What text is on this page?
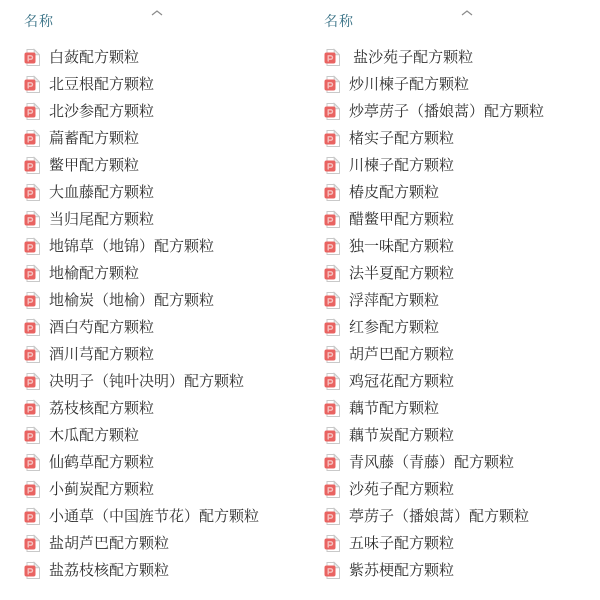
名称
白蔹配方颗粒
北豆根配方颗粒
北沙参配方颗粒
萹蓄配方颗粒
鳖甲配方颗粒
大血藤配方颗粒
当归尾配方颗粒
地锦草（地锦）配方颗粒
地榆配方颗粒
地榆炭（地榆）配方颗粒
酒白芍配方颗粒
酒川芎配方颗粒
决明子（钝叶决明）配方颗粒
荔枝核配方颗粒
木瓜配方颗粒
仙鹤草配方颗粒
小蓟炭配方颗粒
小通草（中国旌节花）配方颗粒
盐胡芦巴配方颗粒
盐荔枝核配方颗粒
名称
盐沙苑子配方颗粒
炒川楝子配方颗粒
炒葶苈子（播娘蒿）配方颗粒
楮实子配方颗粒
川楝子配方颗粒
椿皮配方颗粒
醋鳖甲配方颗粒
独一味配方颗粒
法半夏配方颗粒
浮萍配方颗粒
红参配方颗粒
胡芦巴配方颗粒
鸡冠花配方颗粒
藕节配方颗粒
藕节炭配方颗粒
青风藤（青藤）配方颗粒
沙苑子配方颗粒
葶苈子（播娘蒿）配方颗粒
五味子配方颗粒
紫苏梗配方颗粒
